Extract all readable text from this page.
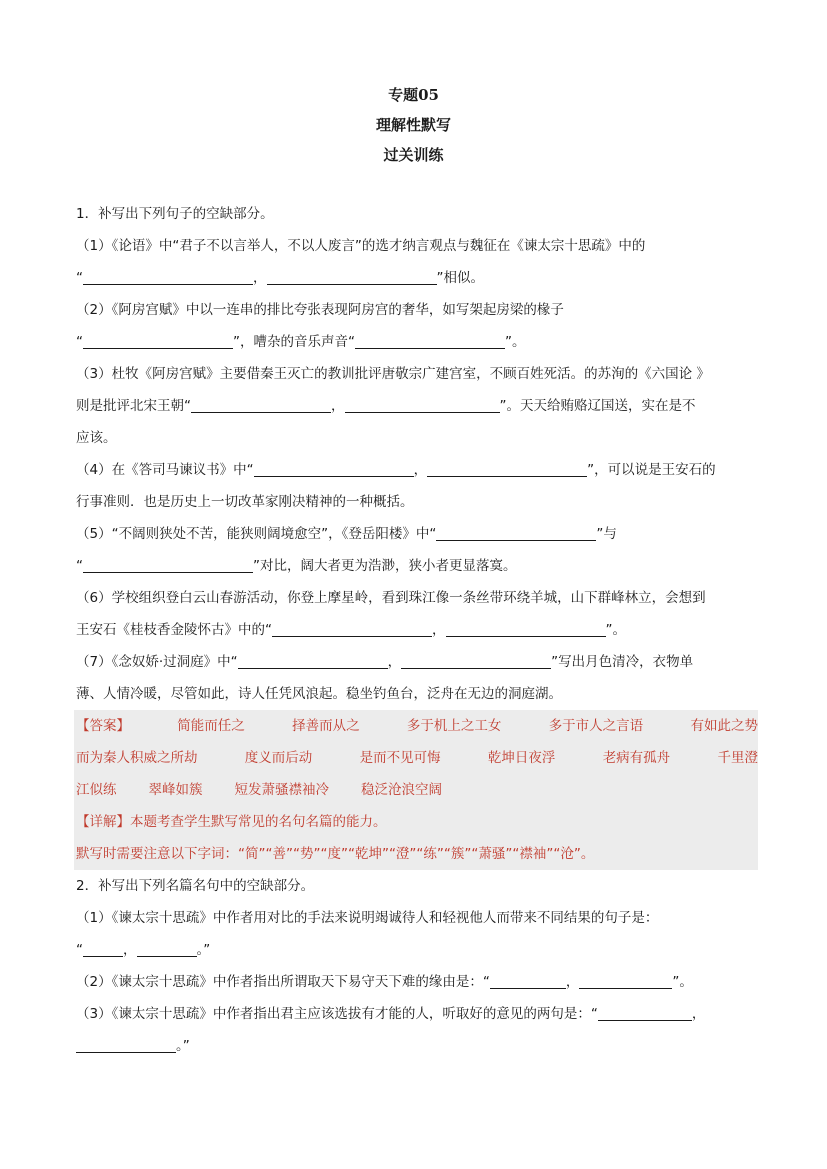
专题05
理解性默写
过关训练
1．补写出下列句子的空缺部分。
（1）《论语》中“君子不以言举人，不以人废言”的选才纳言观点与魏征在《谏太宗十思疏》中的
“	，	”相似。
（2）《阿房宫赋》中以一连串的排比夸张表现阿房宫的奢华，如写架起房梁的椽子
“	”，嘈杂的音乐声音“	”。
（3）杜牧《阿房宫赋》主要借秦王灭亡的教训批评唐敬宗广建宫室，不顾百姓死活。的苏洵的《六国论 》
则是批评北宋王朝“	，	”。天天给贿赂辽国送，实在是不
应该。
（4）在《答司马谏议书》中“	，	”，可以说是王安石的
行事准则．也是历史上一切改革家刚决精神的一种概括。
（5）“不阔则狭处不苦，能狭则阔境愈空”，《登岳阳楼》中“	”与
“	”对比，阔大者更为浩渺，狭小者更显落寞。
（6）学校组织登白云山春游活动，你登上摩星岭，看到珠江像一条丝带环绕羊城，山下群峰林立，会想到
王安石《桂枝香金陵怀古》中的“	，	”。
（7）《念奴娇·过洞庭》中“	，	”写出月色清冷，衣物单
薄、人情冷暖，尽管如此，诗人任凭风浪起。稳坐钓鱼台，泛舟在无边的洞庭湖。
【答案】	简能而任之	择善而从之	多于机上之工女	多于市人之言语	有如此之势
而为秦人积威之所劫	度义而后动	是而不见可悔	乾坤日夜浮	老病有孤舟	千里澄
江似练 翠峰如簇 短发萧骚襟袖冷 稳泛沧浪空阔
【详解】本题考查学生默写常见的名句名篇的能力。
默写时需要注意以下字词：“简”“善”“势”“度”“乾坤”“澄”“练”“簇”“萧骚”“襟袖”“沧”。
2．补写出下列名篇名句中的空缺部分。
（1）《谏太宗十思疏》中作者用对比的手法来说明竭诚待人和轻视他人而带来不同结果的句子是：
“	，	。”
（2）《谏太宗十思疏》中作者指出所谓取天下易守天下难的缘由是：“	，	”。
（3）《谏太宗十思疏》中作者指出君主应该选拔有才能的人，听取好的意见的两句是：“	，
。”
